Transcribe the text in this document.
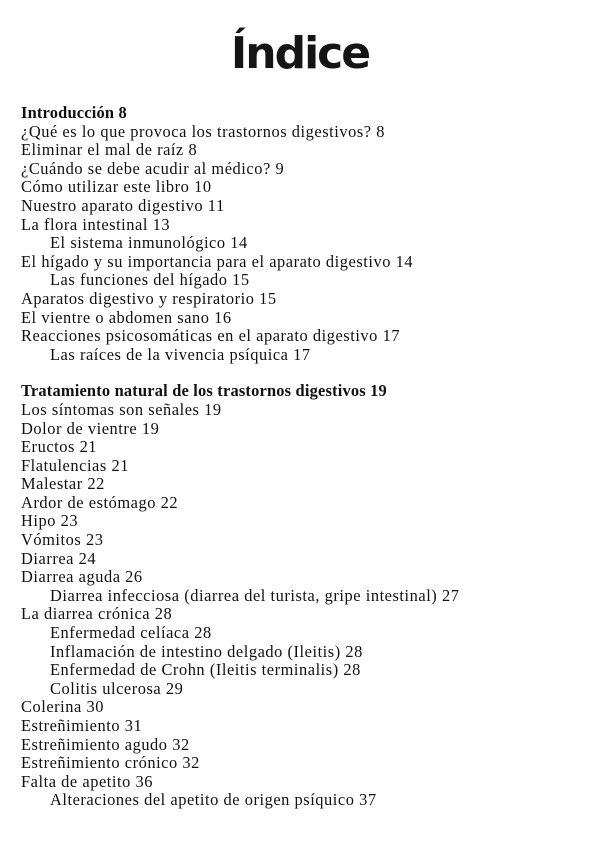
Índice
Introducción 8
¿Qué es lo que provoca los trastornos digestivos? 8
Eliminar el mal de raíz 8
¿Cuándo se debe acudir al médico? 9
Cómo utilizar este libro 10
Nuestro aparato digestivo 11
La flora intestinal 13
El sistema inmunológico 14
El hígado y su importancia para el aparato digestivo 14
Las funciones del hígado 15
Aparatos digestivo y respiratorio 15
El vientre o abdomen sano 16
Reacciones psicosomáticas en el aparato digestivo 17
Las raíces de la vivencia psíquica 17
Tratamiento natural de los trastornos digestivos 19
Los síntomas son señales 19
Dolor de vientre 19
Eructos 21
Flatulencias 21
Malestar 22
Ardor de estómago 22
Hipo 23
Vómitos 23
Diarrea 24
Diarrea aguda 26
Diarrea infecciosa (diarrea del turista, gripe intestinal) 27
La diarrea crónica 28
Enfermedad celíaca 28
Inflamación de intestino delgado (Ileitis) 28
Enfermedad de Crohn (Ileitis terminalis) 28
Colitis ulcerosa 29
Colerina 30
Estreñimiento 31
Estreñimiento agudo 32
Estreñimiento crónico 32
Falta de apetito 36
Alteraciones del apetito de origen psíquico 37
